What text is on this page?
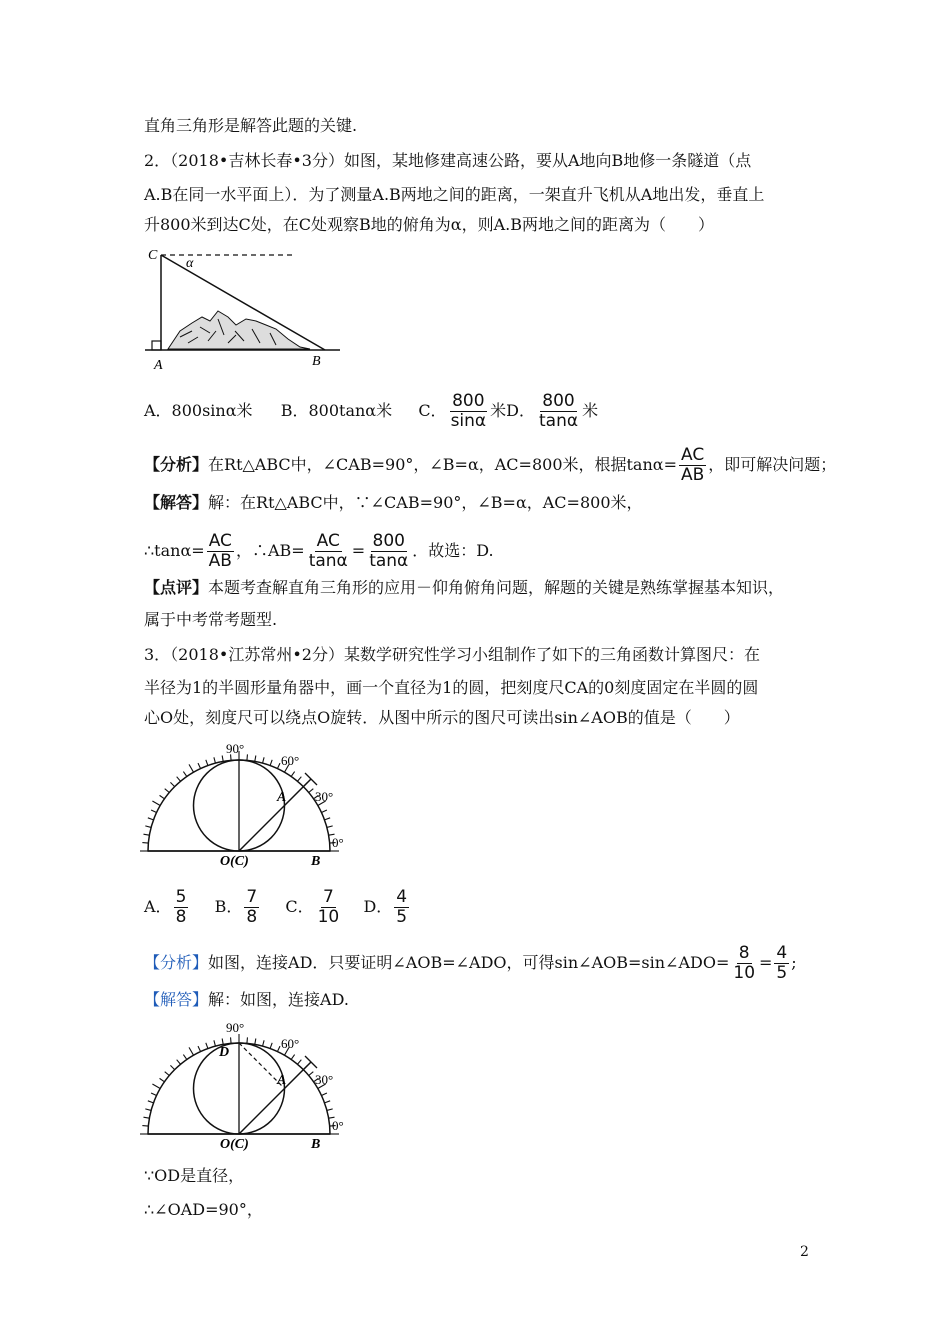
直角三角形是解答此题的关键.
2．（2018•吉林长春•3分）如图，某地修建高速公路，要从A地向B地修一条隧道（点
A.B在同一水平面上）．为了测量A.B两地之间的距离，一架直升飞机从A地出发，垂直上
升800米到达C处，在C处观察B地的俯角为α，则A.B两地之间的距离为（　　）
C
α
A	B
A．800sinα米 B．800tanα米 C． $\frac{800}{\sin\alpha}$ 米D． $\frac{800}{\tan\alpha}$ 米
【分析】在Rt△ABC中，∠CAB=90°，∠B=α，AC=800米，根据$\tan\alpha= \frac{AC}{AB}$ ，即可解决问题；
【解答】解：在Rt△ABC中，∵∠CAB=90°，∠B=α，AC=800米，
∴tanα= $\frac{AC}{AB}$ ，∴AB= $\frac{AC}{\tan\alpha} = \frac{800}{\tan\alpha}$ ．故选：D.
【点评】本题考查解直角三角形的应用－仰角俯角问题，解题的关键是熟练掌握基本知识，
属于中考常考题型.
3．（2018•江苏常州•2分）某数学研究性学习小组制作了如下的三角函数计算图尺：在
半径为1的半圆形量角器中，画一个直径为1的圆，把刻度尺CA的0刻度固定在半圆的圆
心O处，刻度尺可以绕点O旋转．从图中所示的图尺可读出sin∠AOB的值是（　　）
90°
60°
30°
0°
A
O(C)	B
A． $\frac{5}{8}$ B． $\frac{7}{8}$ C． $\frac{7}{10}$ D． $\frac{4}{5}$
【分析】如图，连接AD．只要证明∠AOB=∠ADO，可得sin∠AOB=sin∠ADO= $\frac{8}{10} = \frac{4}{5}$ ;
【解答】解：如图，连接AD.
90°
60°
30°
0°
D
A
O(C)	B
∵OD是直径，
∴∠OAD=90°，
2
